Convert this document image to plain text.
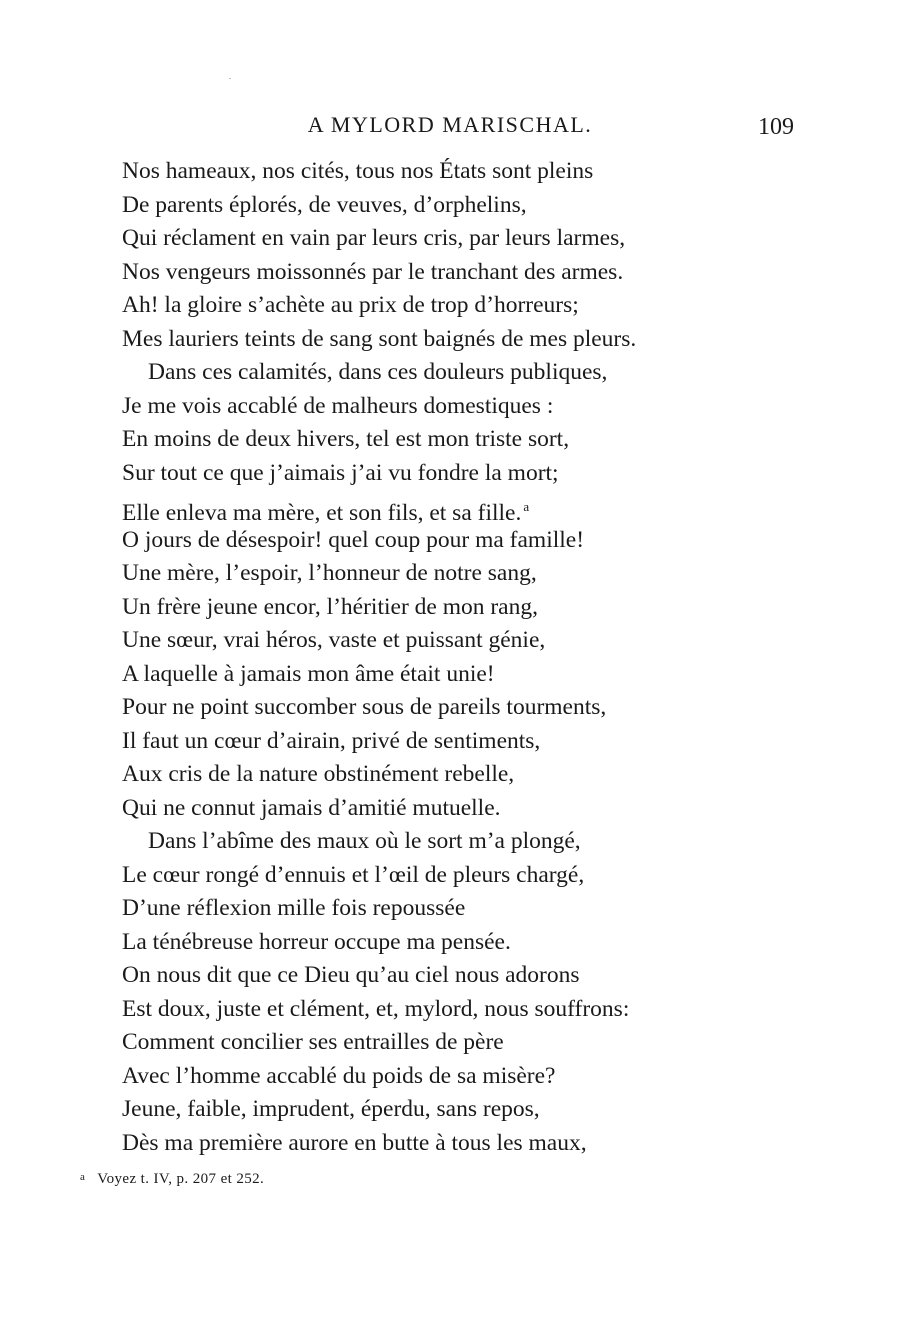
A MYLORD MARISCHAL.	109
Nos hameaux, nos cités, tous nos États sont pleins
De parents éplorés, de veuves, d’orphelins,
Qui réclament en vain par leurs cris, par leurs larmes,
Nos vengeurs moissonnés par le tranchant des armes.
Ah! la gloire s’achète au prix de trop d’horreurs;
Mes lauriers teints de sang sont baignés de mes pleurs.
Dans ces calamités, dans ces douleurs publiques,
Je me vois accablé de malheurs domestiques :
En moins de deux hivers, tel est mon triste sort,
Sur tout ce que j’aimais j’ai vu fondre la mort;
Elle enleva ma mère, et son fils, et sa fille. $^a$
O jours de désespoir! quel coup pour ma famille!
Une mère, l’espoir, l’honneur de notre sang,
Un frère jeune encor, l’héritier de mon rang,
Une sœur, vrai héros, vaste et puissant génie,
A laquelle à jamais mon âme était unie!
Pour ne point succomber sous de pareils tourments,
Il faut un cœur d’airain, privé de sentiments,
Aux cris de la nature obstinément rebelle,
Qui ne connut jamais d’amitié mutuelle.
Dans l’abîme des maux où le sort m’a plongé,
Le cœur rongé d’ennuis et l’œil de pleurs chargé,
D’une réflexion mille fois repoussée
La ténébreuse horreur occupe ma pensée.
On nous dit que ce Dieu qu’au ciel nous adorons
Est doux, juste et clément, et, mylord, nous souffrons:
Comment concilier ses entrailles de père
Avec l’homme accablé du poids de sa misère?
Jeune, faible, imprudent, éperdu, sans repos,
Dès ma première aurore en butte à tous les maux,
$^a$ Voyez t. IV, p. 207 et 252.
